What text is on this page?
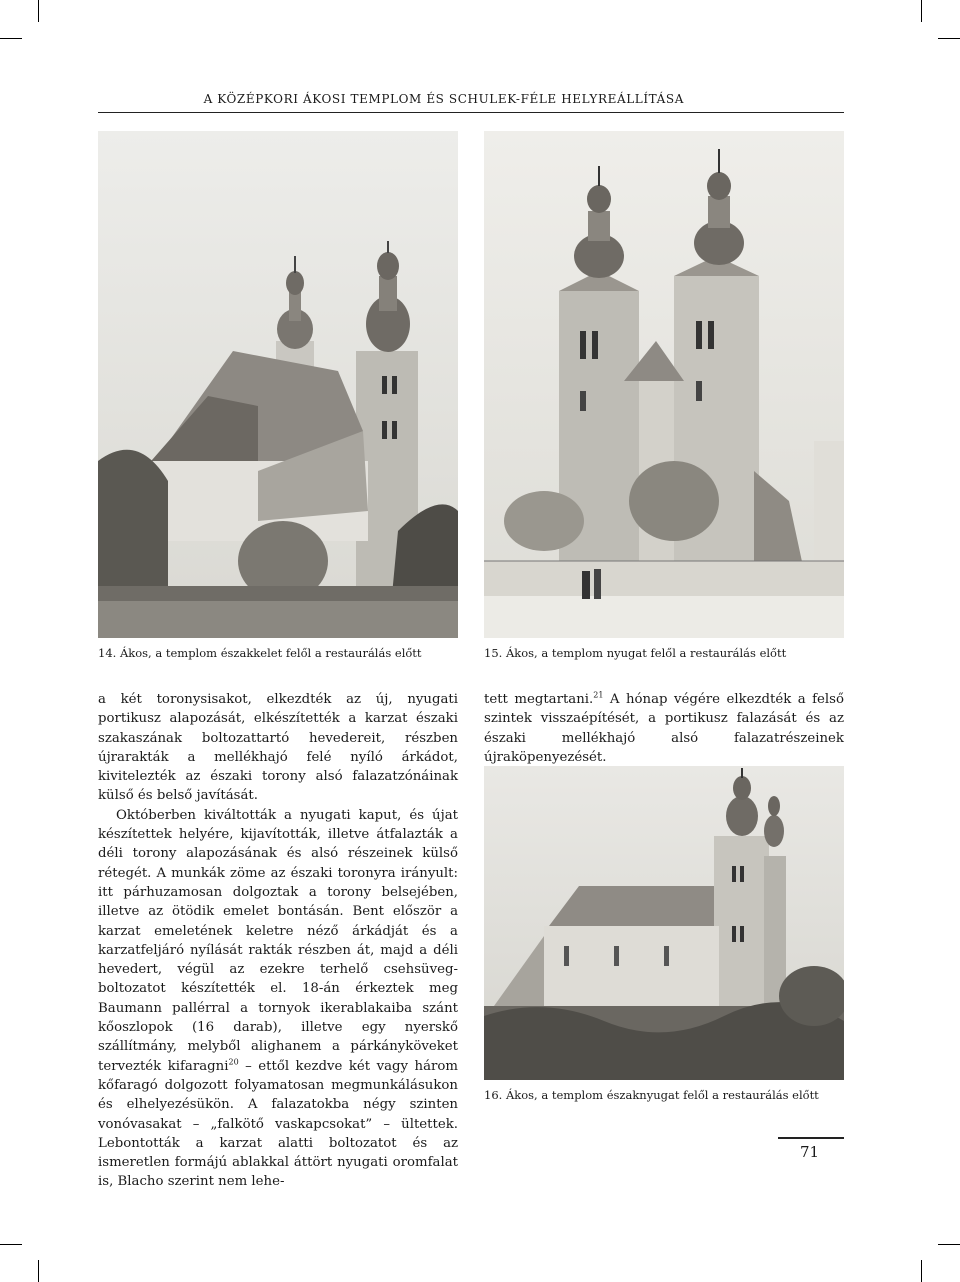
A KÖZÉPKORI ÁKOSI TEMPLOM ÉS SCHULEK-FÉLE HELYREÁLLÍTÁSA
14. Ákos, a templom északkelet felől a restaurálás előtt	15. Ákos, a templom nyugat felől a restaurálás előtt

a két toronysisakot, elkezdték az új, nyugati portikusz alapozását, elkészítették a karzat északi szakaszának boltozattartó hevedereit, részben újrarakták a mellékhajó felé nyíló árkádot, kivitelezték az északi torony alsó falazatzónáinak külső és belső javítását.

Októberben kiváltották a nyugati kaput, és újat készítettek helyére, kijavították, illetve átfalazták a déli torony alapozásának és alsó részeinek külső rétegét. A munkák zöme az északi toronyra irányult: itt párhuzamosan dolgoztak a torony belsejében, illetve az ötödik emelet bontásán. Bent először a karzat emeletének keletre néző árkádját és a karzatfeljáró nyílását rakták részben át, majd a déli hevedert, végül az ezekre terhelő csehsüveg-boltozatot készítették el. 18-án érkeztek meg Baumann pallérral a tornyok ikerablakaiba szánt kőoszlopok (16 darab), illetve egy nyerskő szállítmány, melyből alighanem a párkányköveket tervezték kifaragni$^{20}$ – ettől kezdve két vagy három kőfaragó dolgozott folyamatosan megmunkálásukon és elhelyezésükön. A falazatokba négy szinten vonóvasakat – „falkötő vaskapcsokat” – ültettek. Lebontották a karzat alatti boltozatot és az ismeretlen formájú ablakkal áttört nyugati oromfalat is, Blacho szerint nem lehe-

tett megtartani.$^{21}$ A hónap végére elkezdték a felső szintek visszaépítését, a portikusz falazását és az északi mellékhajó alsó falazatrészeinek újraköpenyezését.

16. Ákos, a templom északnyugat felől a restaurálás előtt
71
